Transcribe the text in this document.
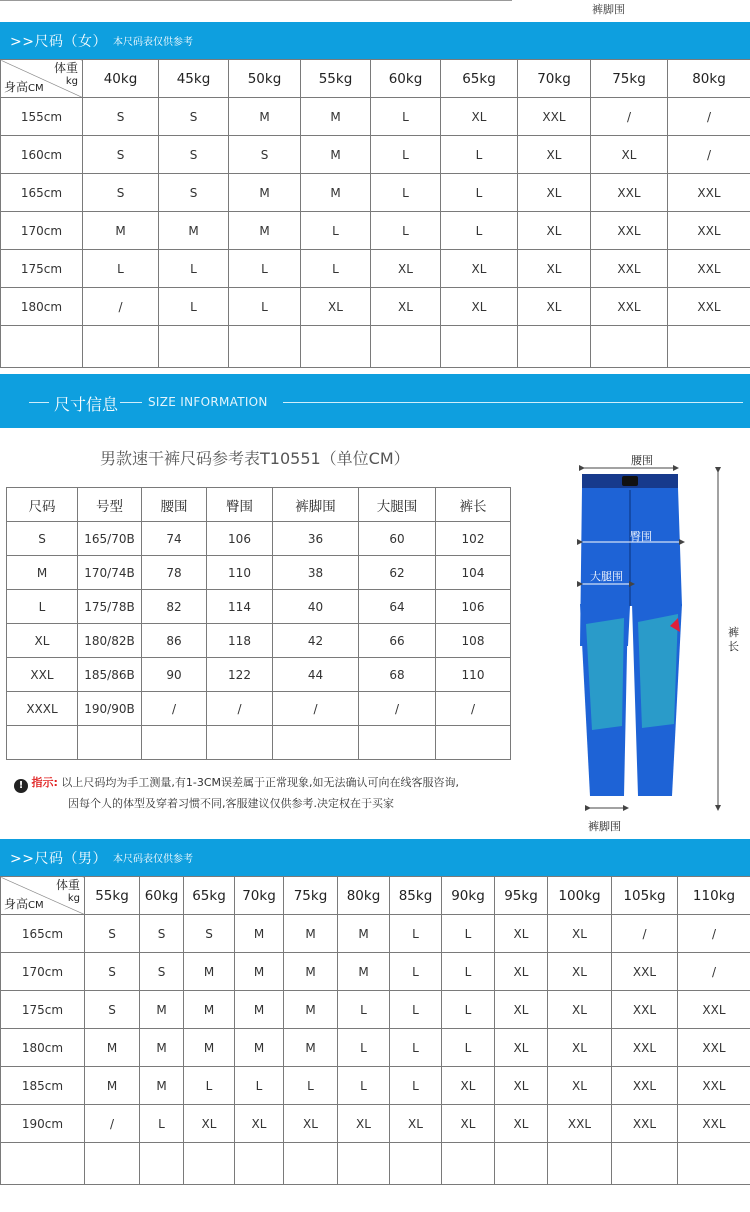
裤脚围
>>尺码（女） 本尺码表仅供参考
体重
kg
身高CM	40kg	45kg	50kg	55kg	60kg	65kg	70kg	75kg	80kg
155cm	S	S	M	M	L	XL	XXL	/	/
160cm	S	S	S	M	L	L	XL	XL	/
165cm	S	S	M	M	L	L	XL	XXL	XXL
170cm	M	M	M	L	L	L	XL	XXL	XXL
175cm	L	L	L	L	XL	XL	XL	XXL	XXL
180cm	/	L	L	XL	XL	XL	XL	XXL	XXL

尺寸信息 SIZE INFORMATION
男款速干裤尺码参考表T10551（单位CM）
尺码	号型	腰围	臀围	裤脚围	大腿围	裤长
S	165/70B	74	106	36	60	102
M	170/74B	78	110	38	62	104
L	175/78B	82	114	40	64	106
XL	180/82B	86	118	42	66	108
XXL	185/86B	90	122	44	68	110
XXXL	190/90B	/	/	/	/	/

! 指示: 以上尺码均为手工测量,有1-3CM误差属于正常现象,如无法确认可向在线客服咨询,
因每个人的体型及穿着习惯不同,客服建议仅供参考.决定权在于买家
腰围
臀围
大腿围
裤长
裤脚围
>>尺码（男） 本尺码表仅供参考
体重
kg
身高CM	55kg	60kg	65kg	70kg	75kg	80kg	85kg	90kg	95kg	100kg	105kg	110kg
165cm	S	S	S	M	M	M	L	L	XL	XL	/	/
170cm	S	S	M	M	M	M	L	L	XL	XL	XXL	/
175cm	S	M	M	M	M	L	L	L	XL	XL	XXL	XXL
180cm	M	M	M	M	M	L	L	L	XL	XL	XXL	XXL
185cm	M	M	L	L	L	L	L	XL	XL	XL	XXL	XXL
190cm	/	L	XL	XL	XL	XL	XL	XL	XL	XXL	XXL	XXL
